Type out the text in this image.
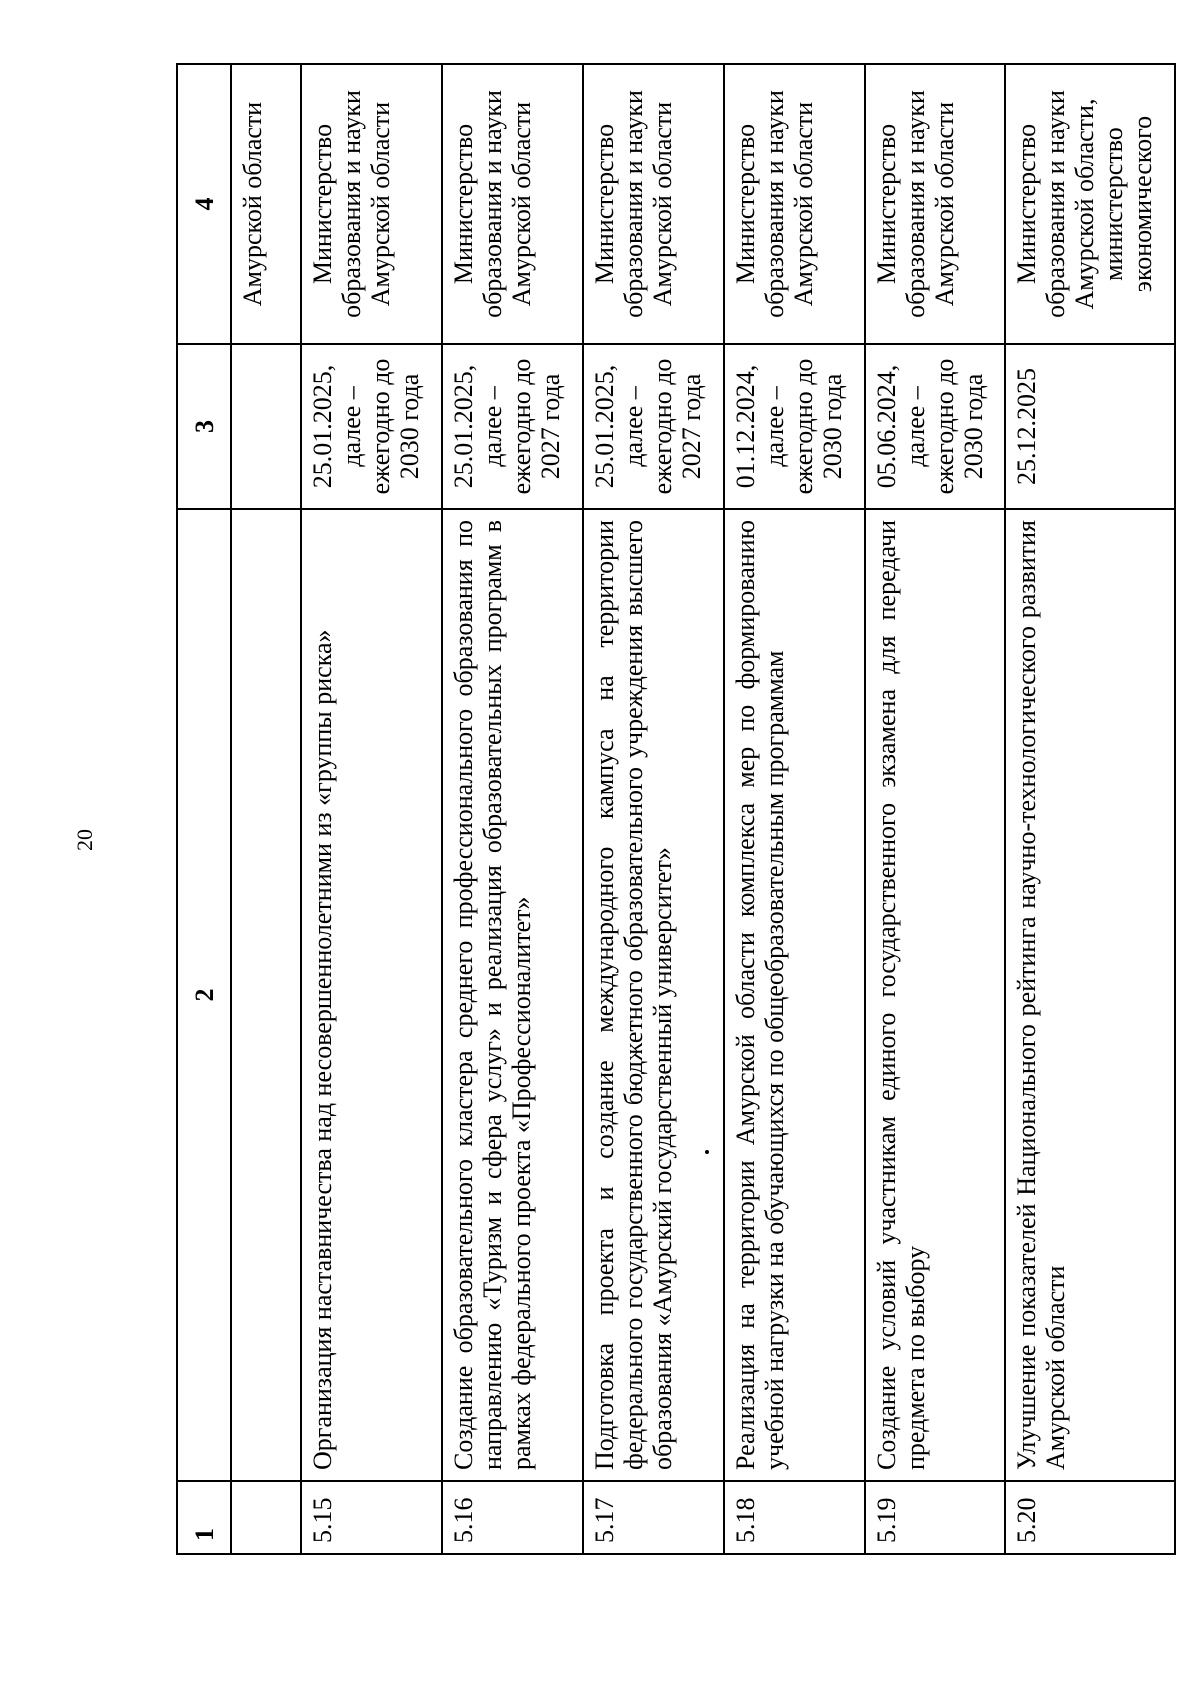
20
1	2	3	4
			Амурской области
5.15	Организация наставничества над несовершеннолетними из «группы риска»	25.01.2025, далее – ежегодно до 2030 года	Министерство образования и науки Амурской области
5.16	Создание образовательного кластера среднего профессионального образования по направлению «Туризм и сфера услуг» и реализация образовательных программ в рамках федерального проекта «Профессионалитет»	25.01.2025, далее – ежегодно до 2027 года	Министерство образования и науки Амурской области
5.17	Подготовка проекта и создание международного кампуса на территории федерального государственного бюджетного образовательного учреждения высшего образования «Амурский государственный университет»	25.01.2025, далее – ежегодно до 2027 года	Министерство образования и науки Амурской области
5.18	Реализация на территории Амурской области комплекса мер по формированию учебной нагрузки на обучающихся по общеобразовательным программам	01.12.2024, далее – ежегодно до 2030 года	Министерство образования и науки Амурской области
5.19	Создание условий участникам единого государственного экзамена для передачи предмета по выбору	05.06.2024, далее – ежегодно до 2030 года	Министерство образования и науки Амурской области
5.20	Улучшение показателей Национального рейтинга научно-технологического развития Амурской области	25.12.2025	Министерство образования и науки Амурской области, министерство экономического
